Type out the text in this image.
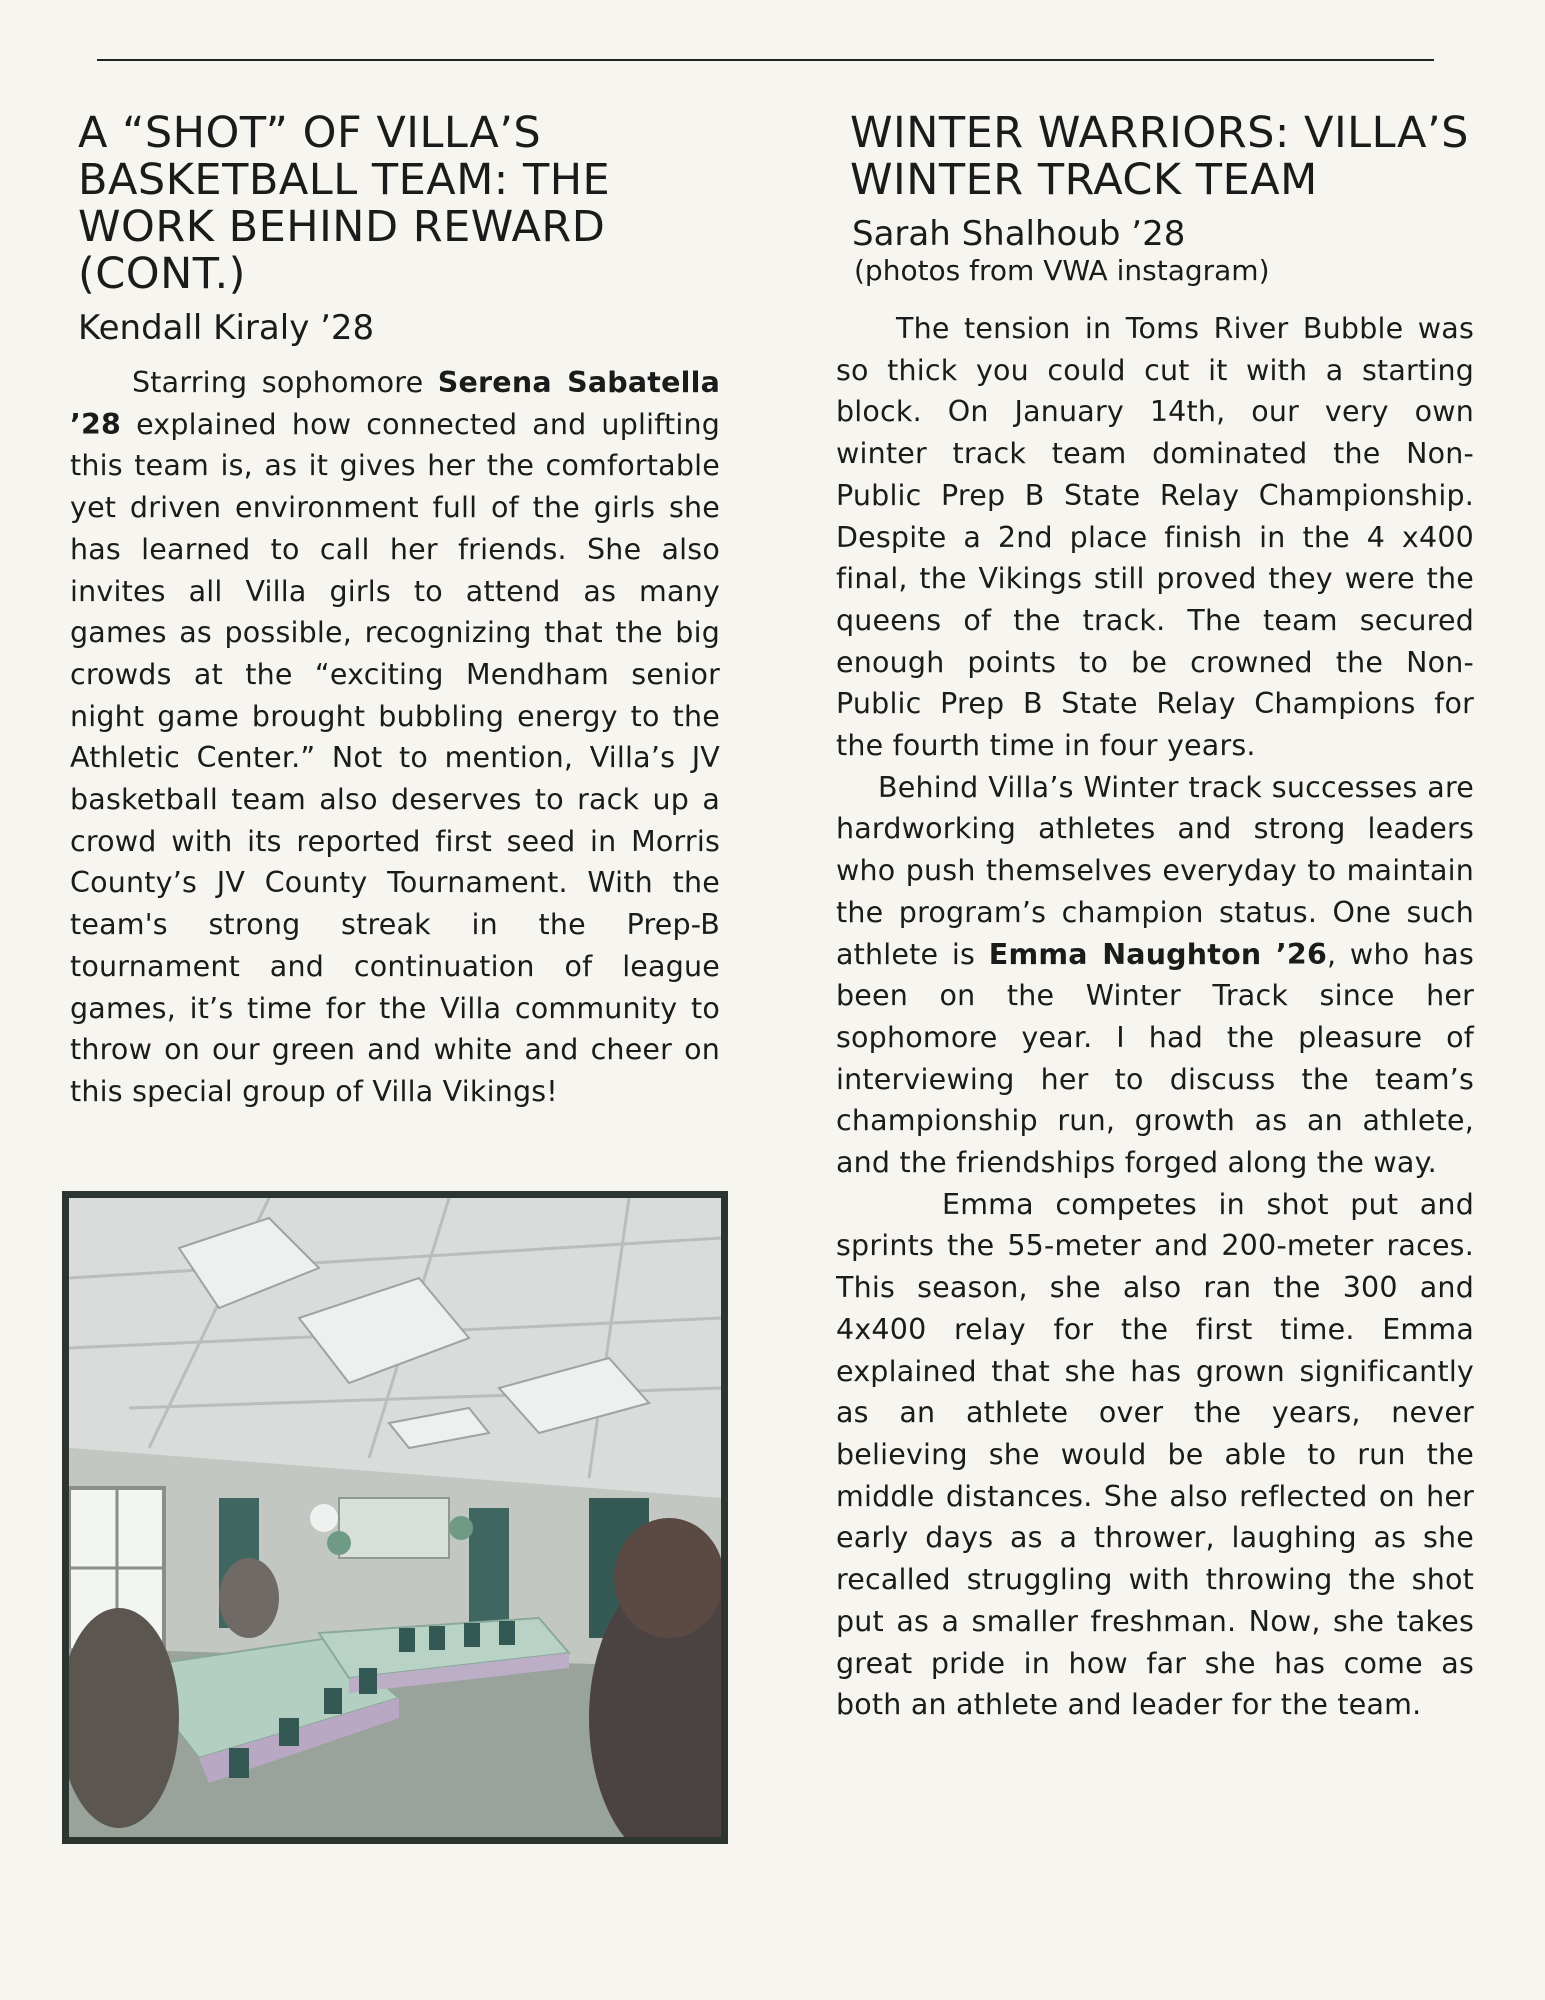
A “SHOT” OF VILLA’S BASKETBALL TEAM: THE WORK BEHIND REWARD (CONT.)
Kendall Kiraly ’28

Starring sophomore Serena Sabatella ’28 explained how connected and uplifting this team is, as it gives her the comfortable yet driven environment full of the girls she has learned to call her friends. She also invites all Villa girls to attend as many games as possible, recognizing that the big crowds at the “exciting Mendham senior night game brought bubbling energy to the Athletic Center.” Not to mention, Villa’s JV basketball team also deserves to rack up a crowd with its reported first seed in Morris County’s JV County Tournament. With the team's strong streak in the Prep-B tournament and continuation of league games, it’s time for the Villa community to throw on our green and white and cheer on this special group of Villa Vikings!

WINTER WARRIORS: VILLA’S WINTER TRACK TEAM
Sarah Shalhoub ’28
(photos from VWA instagram)

The tension in Toms River Bubble was so thick you could cut it with a starting block. On January 14th, our very own winter track team dominated the Non-Public Prep B State Relay Championship. Despite a 2nd place finish in the 4 x400 final, the Vikings still proved they were the queens of the track. The team secured enough points to be crowned the Non-Public Prep B State Relay Champions for the fourth time in four years.

Behind Villa’s Winter track successes are hardworking athletes and strong leaders who push themselves everyday to maintain the program’s champion status. One such athlete is Emma Naughton ’26, who has been on the Winter Track since her sophomore year. I had the pleasure of interviewing her to discuss the team’s championship run, growth as an athlete, and the friendships forged along the way.

Emma competes in shot put and sprints the 55-meter and 200-meter races. This season, she also ran the 300 and 4x400 relay for the first time. Emma explained that she has grown significantly as an athlete over the years, never believing she would be able to run the middle distances. She also reflected on her early days as a thrower, laughing as she recalled struggling with throwing the shot put as a smaller freshman. Now, she takes great pride in how far she has come as both an athlete and leader for the team.
